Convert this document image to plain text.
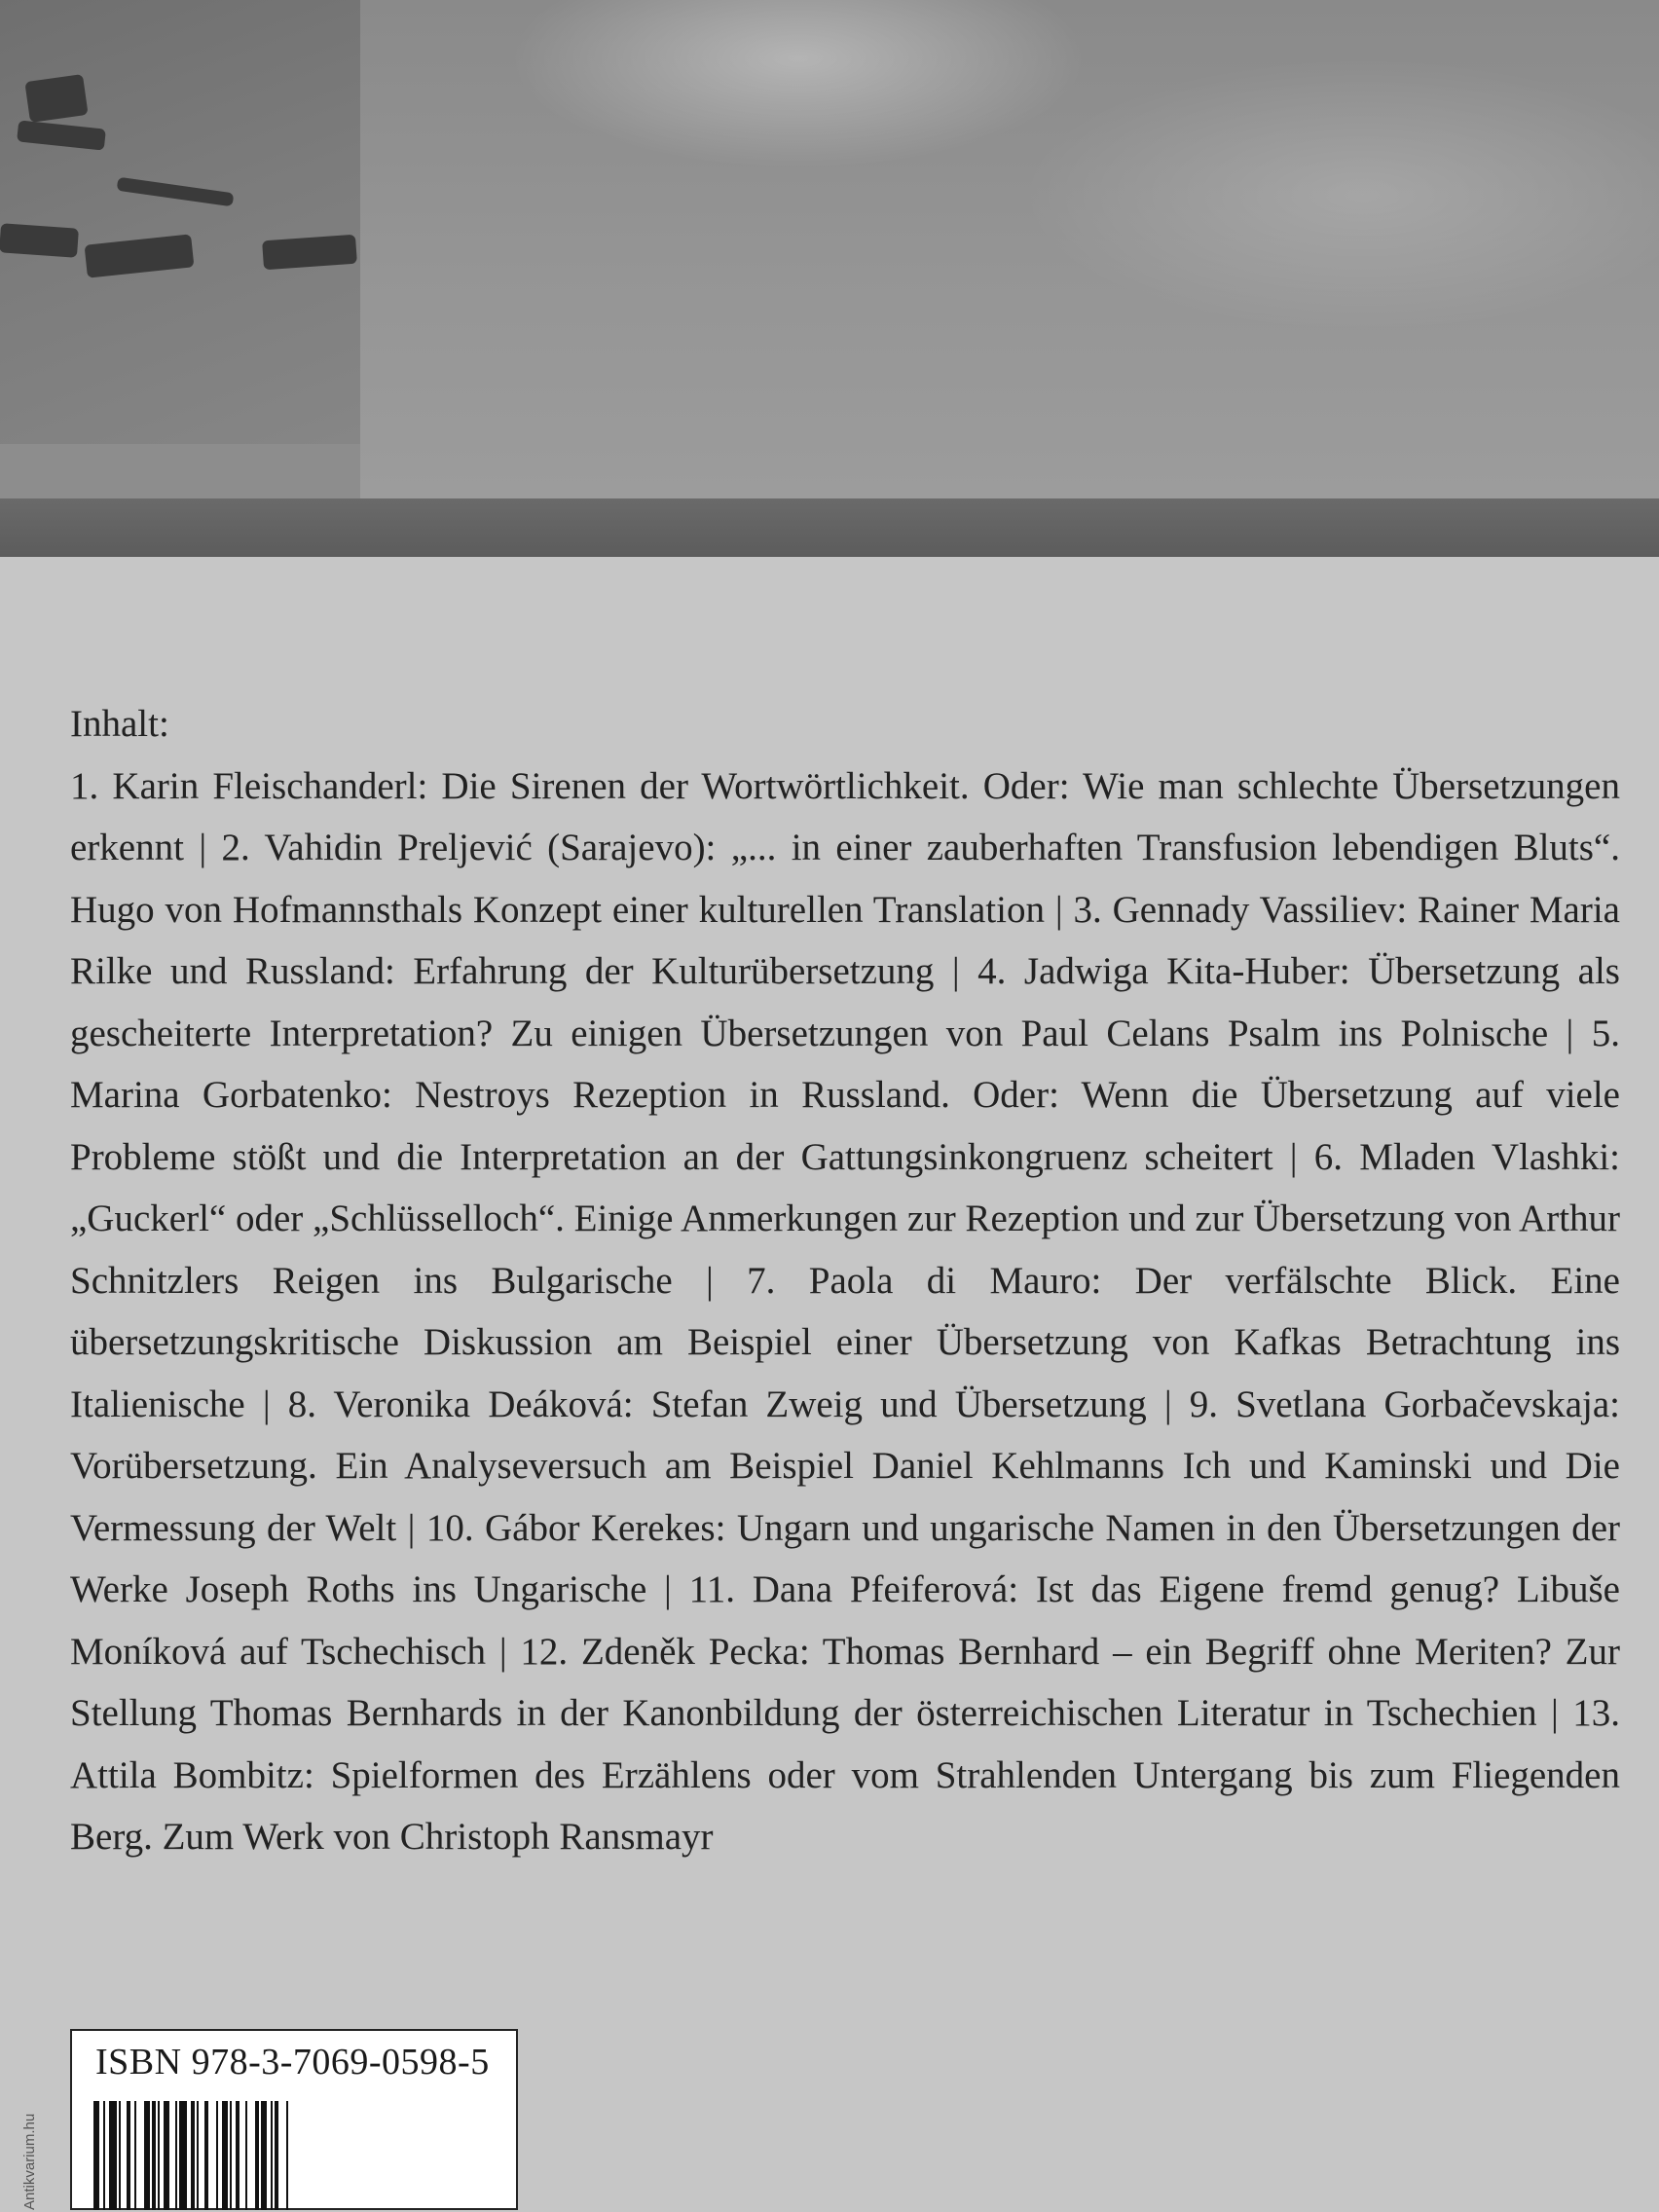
Inhalt:
1. Karin Fleischanderl: Die Sirenen der Wortwörtlichkeit. Oder: Wie man schlechte Übersetzungen erkennt | 2. Vahidin Preljević (Sarajevo): „... in einer zauberhaften Transfusion lebendigen Bluts“. Hugo von Hofmannsthals Konzept einer kulturellen Translation | 3. Gennady Vassiliev: Rainer Maria Rilke und Russland: Erfahrung der Kulturübersetzung | 4. Jadwiga Kita-Huber: Übersetzung als gescheiterte Interpretation? Zu einigen Übersetzungen von Paul Celans Psalm ins Polnische | 5. Marina Gorbatenko: Nestroys Rezeption in Russland. Oder: Wenn die Übersetzung auf viele Probleme stößt und die Interpretation an der Gattungsinkongruenz scheitert | 6. Mladen Vlashki: „Guckerl“ oder „Schlüsselloch“. Einige Anmerkungen zur Rezeption und zur Übersetzung von Arthur Schnitzlers Reigen ins Bulgarische | 7. Paola di Mauro: Der verfälschte Blick. Eine übersetzungskritische Diskussion am Beispiel einer Übersetzung von Kafkas Betrachtung ins Italienische | 8. Veronika Deáková: Stefan Zweig und Übersetzung | 9. Svetlana Gorbačevskaja: Vorübersetzung. Ein Analyseversuch am Beispiel Daniel Kehlmanns Ich und Kaminski und Die Vermessung der Welt | 10. Gábor Kerekes: Ungarn und ungarische Namen in den Übersetzungen der Werke Joseph Roths ins Ungarische | 11. Dana Pfeiferová: Ist das Eigene fremd genug? Libuše Moníková auf Tschechisch | 12. Zdeněk Pecka: Thomas Bernhard – ein Begriff ohne Meriten? Zur Stellung Thomas Bernhards in der Kanonbildung der österreichischen Literatur in Tschechien | 13. Attila Bombitz: Spielformen des Erzählens oder vom Strahlenden Untergang bis zum Fliegenden Berg. Zum Werk von Christoph Ransmayr
ISBN 978-3-7069-0598-5
Antikvarium.hu
